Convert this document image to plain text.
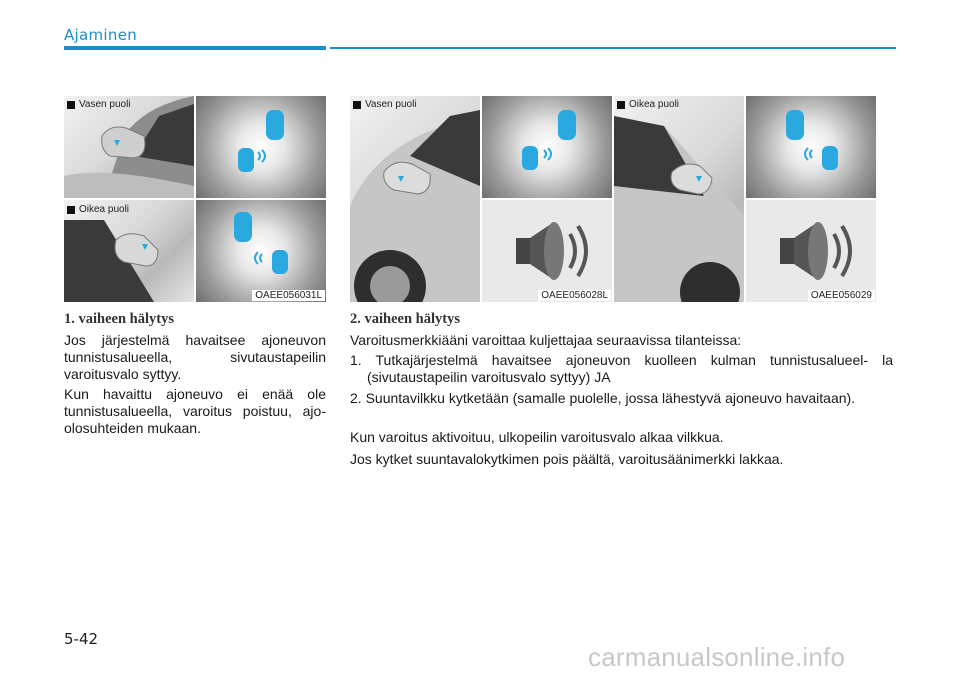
Ajaminen
Vasen puoli
Oikea puoli
OAEE056031L
Vasen puoli
OAEE056028L
Oikea puoli
OAEE056029
1. vaiheen hälytys

Jos järjestelmä havaitsee ajoneuvon tunnistusalueella, sivutaustapeilin varoitusvalo syttyy.

Kun havaittu ajoneuvo ei enää ole tunnistusalueella, varoitus poistuu, ajo-olosuhteiden mukaan.

2. vaiheen hälytys

Varoitusmerkkiääni varoittaa kuljettajaa seuraavissa tilanteissa:

1. Tutkajärjestelmä havaitsee ajoneuvon kuolleen kulman tunnistusalueel- la (sivutaustapeilin varoitusvalo syttyy) JA
2. Suuntavilkku kytketään (samalle puolelle, jossa lähestyvä ajoneuvo havaitaan).

Kun varoitus aktivoituu, ulkopeilin varoitusvalo alkaa vilkkua.

Jos kytket suuntavalokytkimen pois päältä, varoitusäänimerkki lakkaa.

5-42
carmanualsonline.info
